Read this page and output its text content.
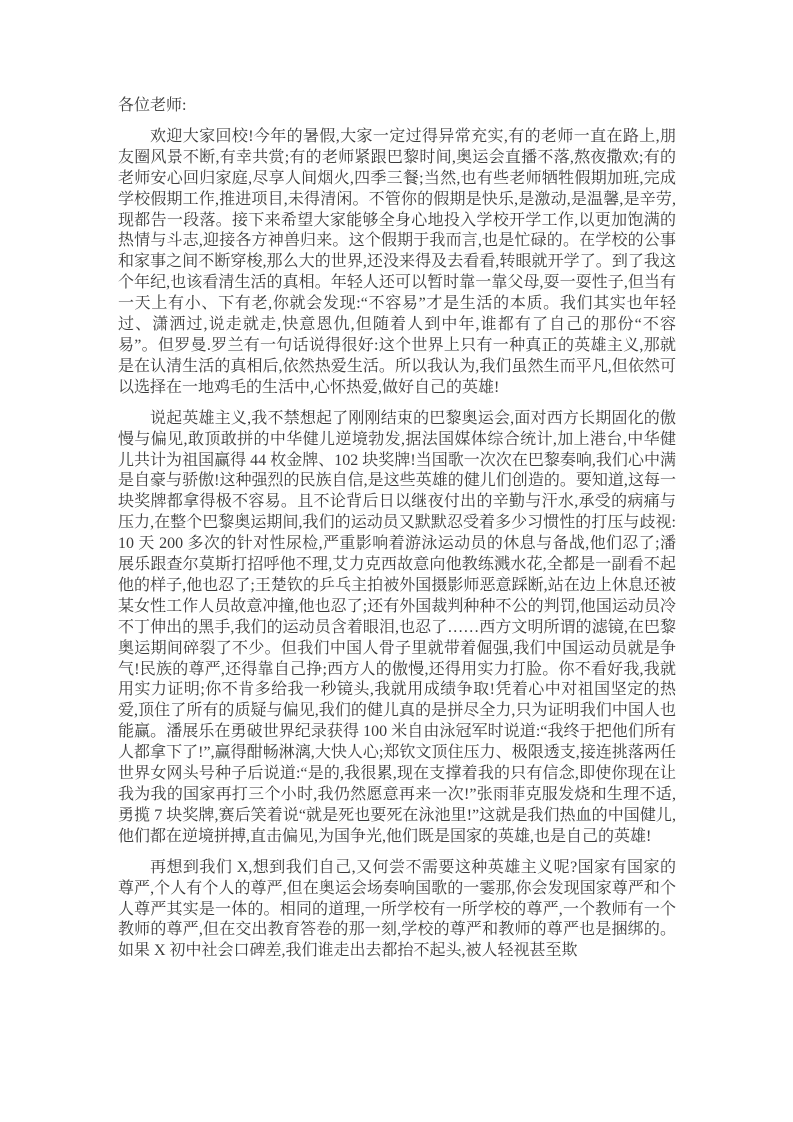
各位老师:

欢迎大家回校!今年的暑假,大家一定过得异常充实,有的老师一直在路上,朋友圈风景不断,有幸共赏;有的老师紧跟巴黎时间,奥运会直播不落,熬夜撒欢;有的老师安心回归家庭,尽享人间烟火,四季三餐;当然,也有些老师牺牲假期加班,完成学校假期工作,推进项目,未得清闲。不管你的假期是快乐,是激动,是温馨,是辛劳,现都告一段落。接下来希望大家能够全身心地投入学校开学工作,以更加饱满的热情与斗志,迎接各方神兽归来。这个假期于我而言,也是忙碌的。在学校的公事和家事之间不断穿梭,那么大的世界,还没来得及去看看,转眼就开学了。到了我这个年纪,也该看清生活的真相。年轻人还可以暂时靠一靠父母,耍一耍性子,但当有一天上有小、下有老,你就会发现:“不容易”才是生活的本质。我们其实也年轻过、潇洒过,说走就走,快意恩仇,但随着人到中年,谁都有了自己的那份“不容易”。但罗曼.罗兰有一句话说得很好:这个世界上只有一种真正的英雄主义,那就是在认清生活的真相后,依然热爱生活。所以我认为,我们虽然生而平凡,但依然可以选择在一地鸡毛的生活中,心怀热爱,做好自己的英雄!

说起英雄主义,我不禁想起了刚刚结束的巴黎奥运会,面对西方长期固化的傲慢与偏见,敢顶敢拼的中华健儿逆境勃发,据法国媒体综合统计,加上港台,中华健儿共计为祖国赢得 44 枚金牌、102 块奖牌!当国歌一次次在巴黎奏响,我们心中满是自豪与骄傲!这种强烈的民族自信,是这些英雄的健儿们创造的。要知道,这每一块奖牌都拿得极不容易。且不论背后日以继夜付出的辛勤与汗水,承受的病痛与压力,在整个巴黎奥运期间,我们的运动员又默默忍受着多少习惯性的打压与歧视:10 天 200 多次的针对性尿检,严重影响着游泳运动员的休息与备战,他们忍了;潘展乐跟查尔莫斯打招呼他不理,艾力克西故意向他教练溅水花,全都是一副看不起他的样子,他也忍了;王楚钦的乒乓主拍被外国摄影师恶意踩断,站在边上休息还被某女性工作人员故意冲撞,他也忍了;还有外国裁判种种不公的判罚,他国运动员冷不丁伸出的黑手,我们的运动员含着眼泪,也忍了……西方文明所谓的滤镜,在巴黎奥运期间碎裂了不少。但我们中国人骨子里就带着倔强,我们中国运动员就是争气!民族的尊严,还得靠自己挣;西方人的傲慢,还得用实力打脸。你不看好我,我就用实力证明;你不肯多给我一秒镜头,我就用成绩争取!凭着心中对祖国坚定的热爱,顶住了所有的质疑与偏见,我们的健儿真的是拼尽全力,只为证明我们中国人也能赢。潘展乐在勇破世界纪录获得 100 米自由泳冠军时说道:“我终于把他们所有人都拿下了!”,赢得酣畅淋漓,大快人心;郑钦文顶住压力、极限透支,接连挑落两任世界女网头号种子后说道:“是的,我很累,现在支撑着我的只有信念,即使你现在让我为我的国家再打三个小时,我仍然愿意再来一次!”张雨菲克服发烧和生理不适,勇揽 7 块奖牌,赛后笑着说“就是死也要死在泳池里!”这就是我们热血的中国健儿,他们都在逆境拼搏,直击偏见,为国争光,他们既是国家的英雄,也是自己的英雄!

再想到我们 X,想到我们自己,又何尝不需要这种英雄主义呢?国家有国家的尊严,个人有个人的尊严,但在奥运会场奏响国歌的一霎那,你会发现国家尊严和个人尊严其实是一体的。相同的道理,一所学校有一所学校的尊严,一个教师有一个教师的尊严,但在交出教育答卷的那一刻,学校的尊严和教师的尊严也是捆绑的。如果 X 初中社会口碑差,我们谁走出去都抬不起头,被人轻视甚至欺
